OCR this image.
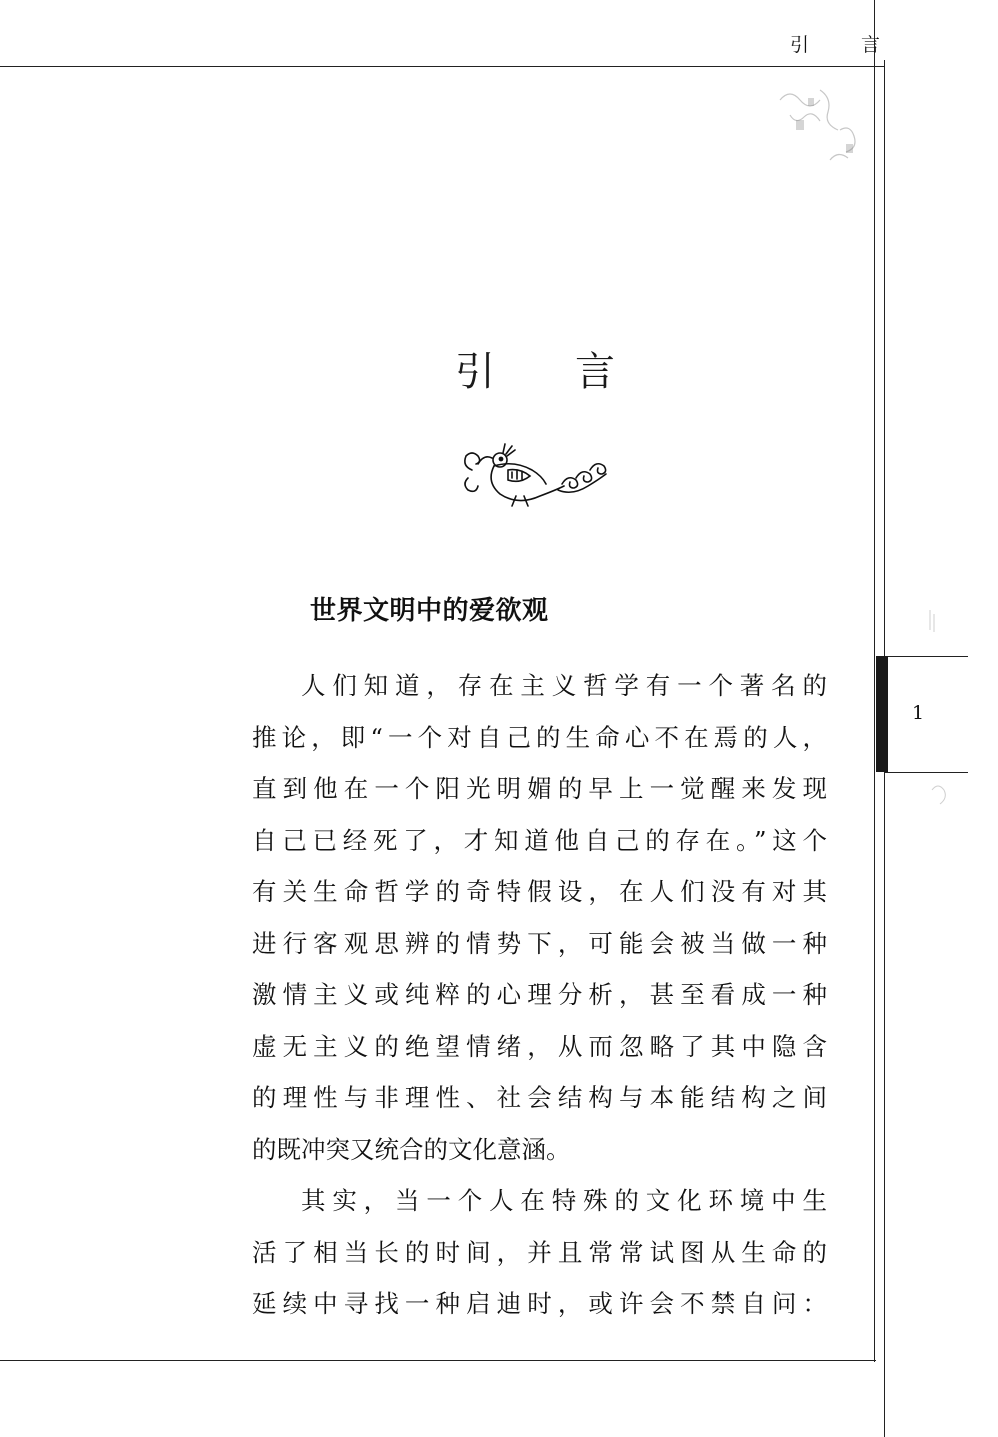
引	言
引 言
世界文明中的爱欲观
人们知道，存在主义哲学有一个著名的
推论，即“一个对自己的生命心不在焉的人，
直到他在一个阳光明媚的早上一觉醒来发现
自己已经死了，才知道他自己的存在。”这个
有关生命哲学的奇特假设，在人们没有对其
进行客观思辨的情势下，可能会被当做一种
激情主义或纯粹的心理分析，甚至看成一种
虚无主义的绝望情绪，从而忽略了其中隐含
的理性与非理性、社会结构与本能结构之间
的既冲突又统合的文化意涵。
其实，当一个人在特殊的文化环境中生
活了相当长的时间，并且常常试图从生命的
延续中寻找一种启迪时，或许会不禁自问：
1
